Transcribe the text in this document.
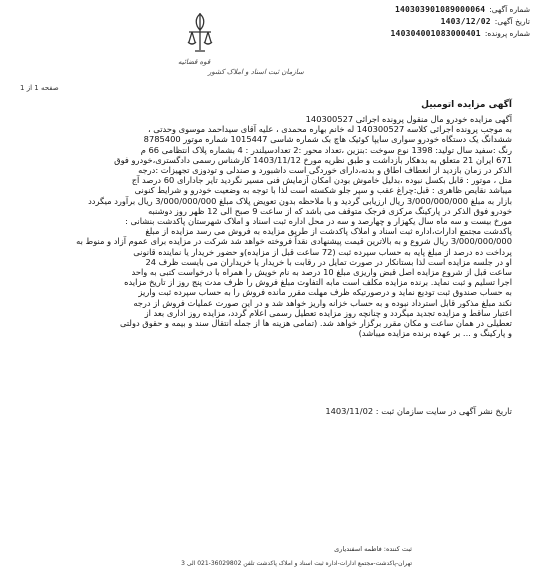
شماره آگهی:
140303901089000064
تاریخ آگهی:
1403/12/02
شماره پرونده:
140304001083000401
قوه قضائیه
سازمان ثبت اسناد و املاک کشور
صفحه 1 از 1
آگهی مزایده اتومبیل
آگهی مزایده خودرو مال منقول پرونده اجرائی 140300527
به موجب پرونده اجرائی کلاسه 140300527 له خانم بهاره محمدی ، علیه آقای سیداحمد موسوی وحدتی ،
ششدانگ یک دستگاه خودرو سواری سایپا کوئیک هاچ بک شماره شاسی 1015447 شماره موتور 8785400
رنگ :سفید سال تولید: 1398 نوع سوخت :بنزین ،تعداد محور :2 تعدادسیلندر : 4 بشماره پلاک انتظامی 66 م
671 ایران 21 متعلق به بدهکار بازداشت و طبق نظریه مورخ 1403/11/12 کارشناس رسمی دادگستری،خودرو فوق
الذکر در زمان بازدید از انعطاف اطاق و بدنه،دارای خوردگی است داشبورد و صندلی و تودوزی تجهیزات :درجه
متل ، موتور : قابل بکسل نبوده ،بدلیل خاموش بودن امکان آزمایش فنی مسیر نگردید تایر جادارای 60 درصد آج
میباشد نقایص ظاهری : قبل:چراغ عقب و سپر جلو شکسته است لذا با توجه به وضعیت خودرو و شرایط کنونی
بازار به مبلغ 3/000/000/000 ریال ارزیابی گردید و با ملاحظه بدون تعویض پلاک مبلغ 3/000/000/000 ریال برآورد میگردد
خودرو فوق الذکر در پارکینگ مرکزی فرجک متوقف می باشد که از ساعت 9 صبح الی 12 ظهر روز دوشنبه
مورخ بیست و سه ماه سال یکهزار و چهارصد و سه در محل اداره ثبت اسناد و املاک شهرستان پاکدشت بنشانی :
پاکدشت مجتمع ادارات،اداره ثبت اسناد و املاک پاکدشت از طریق مزایده به فروش می رسد مزایده از مبلغ
3/000/000/000 ریال شروع و به بالاترین قیمت پیشنهادی نقداً فروخته خواهد شد شرکت در مزایده برای عموم آزاد و منوط به
پرداخت ده درصد از مبلغ پایه به حساب سپرده ثبت (72 ساعت قبل از مزایده)و حضور خریدار یا نماینده قانونی
او در جلسه مزایده است لذا بستانکار در صورت تمایل در رقابت با خریدار یا خریداران می بایست ظرف 24
ساعت قبل از شروع مزایده اصل قبض واریزی مبلغ 10 درصد به نام خویش را همراه با درخواست کتبی به واحد
اجرا تسلیم و ثبت نماید. برنده مزایده مکلف است مابه التفاوت مبلغ فروش را ظرف مدت پنج روز از تاریخ مزایده
به حساب صندوق ثبت تودیع نماید و درصورتیکه ظرف مهلت مقرر مانده فروش را به حساب سپرده ثبت واریز
نکند مبلغ مذکور قابل استرداد نبوده و به حساب خزانه واریز خواهد شد و در این صورت عملیات فروش از درجه
اعتبار ساقط و مزایده تجدید میگردد و چنانچه روز مزایده تعطیل رسمی اعلام گردد، مزایده روز اداری بعد از
تعطیلی در همان ساعت و مکان مقرر برگزار خواهد شد. (تمامی هزینه ها از جمله انتقال سند و بیمه و حقوق دولتی
و پارکینگ و ... بر عهده برنده مزایده میباشد)
تاریخ نشر آگهی در سایت سازمان ثبت : 1403/11/02
ثبت کننده: فاطمه اسفندیاری
تهران-پاکدشت-مجتمع ادارات-اداره ثبت اسناد و املاک پاکدشت تلفن 36029802-021 الی 3
